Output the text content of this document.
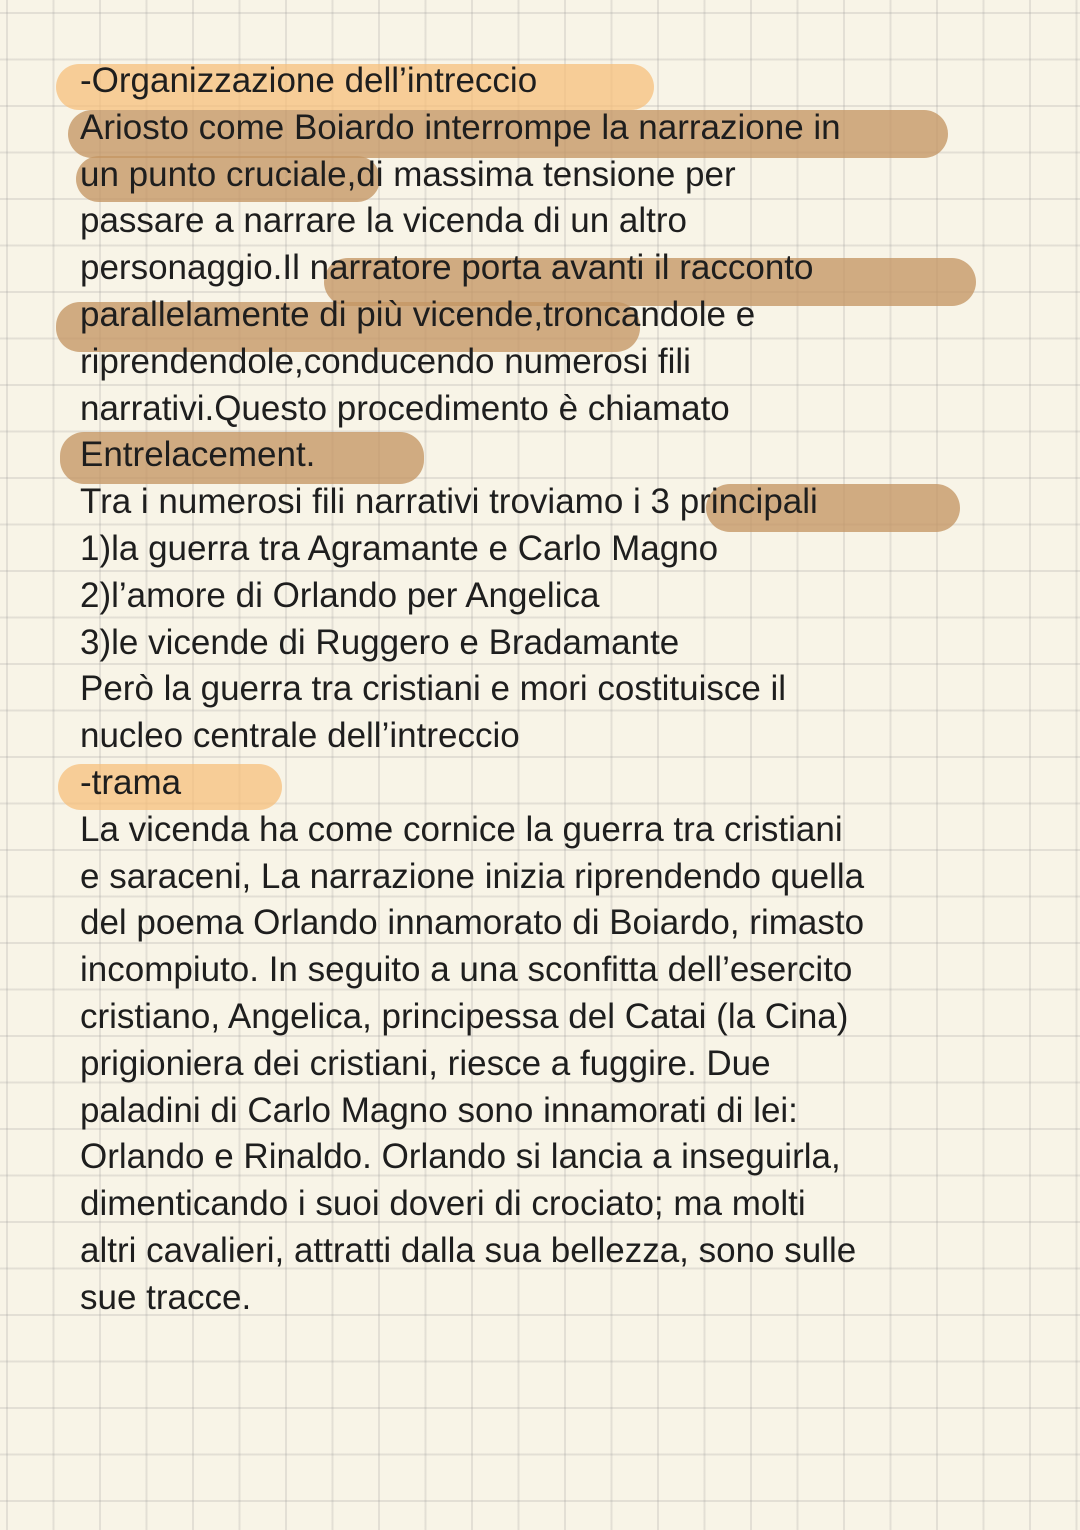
-Organizzazione dell’intreccio
Ariosto come Boiardo interrompe la narrazione in
un punto cruciale,di massima tensione per
passare a narrare la vicenda di un altro
personaggio.Il narratore porta avanti il racconto
parallelamente di più vicende,troncandole e
riprendendole,conducendo numerosi fili
narrativi.Questo procedimento è chiamato
Entrelacement.
Tra i numerosi fili narrativi troviamo i 3 principali
1)la guerra tra Agramante e Carlo Magno
2)l’amore di Orlando per Angelica
3)le vicende di Ruggero e Bradamante
Però la guerra tra cristiani e mori costituisce il
nucleo centrale dell’intreccio
-trama
La vicenda ha come cornice la guerra tra cristiani
e saraceni, La narrazione inizia riprendendo quella
del poema Orlando innamorato di Boiardo, rimasto
incompiuto. In seguito a una sconfitta dell’esercito
cristiano, Angelica, principessa del Catai (la Cina)
prigioniera dei cristiani, riesce a fuggire. Due
paladini di Carlo Magno sono innamorati di lei:
Orlando e Rinaldo. Orlando si lancia a inseguirla,
dimenticando i suoi doveri di crociato; ma molti
altri cavalieri, attratti dalla sua bellezza, sono sulle
sue tracce.
